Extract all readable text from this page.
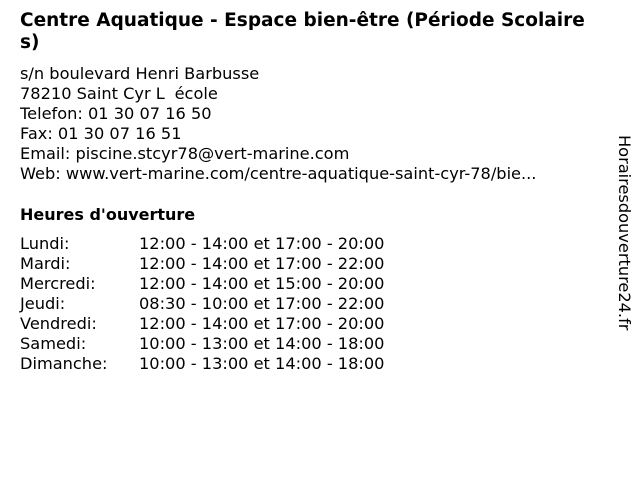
Centre Aquatique - Espace bien-être (Période Scolaires)
s/n boulevard Henri Barbusse
78210 Saint Cyr Lécole
Telefon: 01 30 07 16 50
Fax: 01 30 07 16 51
Email: piscine.stcyr78@vert-marine.com
Web: www.vert-marine.com/centre-aquatique-saint-cyr-78/bie...
Heures d'ouverture
Lundi:	12:00 - 14:00 et 17:00 - 20:00
Mardi:	12:00 - 14:00 et 17:00 - 22:00
Mercredi:	12:00 - 14:00 et 15:00 - 20:00
Jeudi:	08:30 - 10:00 et 17:00 - 22:00
Vendredi:	12:00 - 14:00 et 17:00 - 20:00
Samedi:	10:00 - 13:00 et 14:00 - 18:00
Dimanche:	10:00 - 13:00 et 14:00 - 18:00
Horairesdouverture24.fr
